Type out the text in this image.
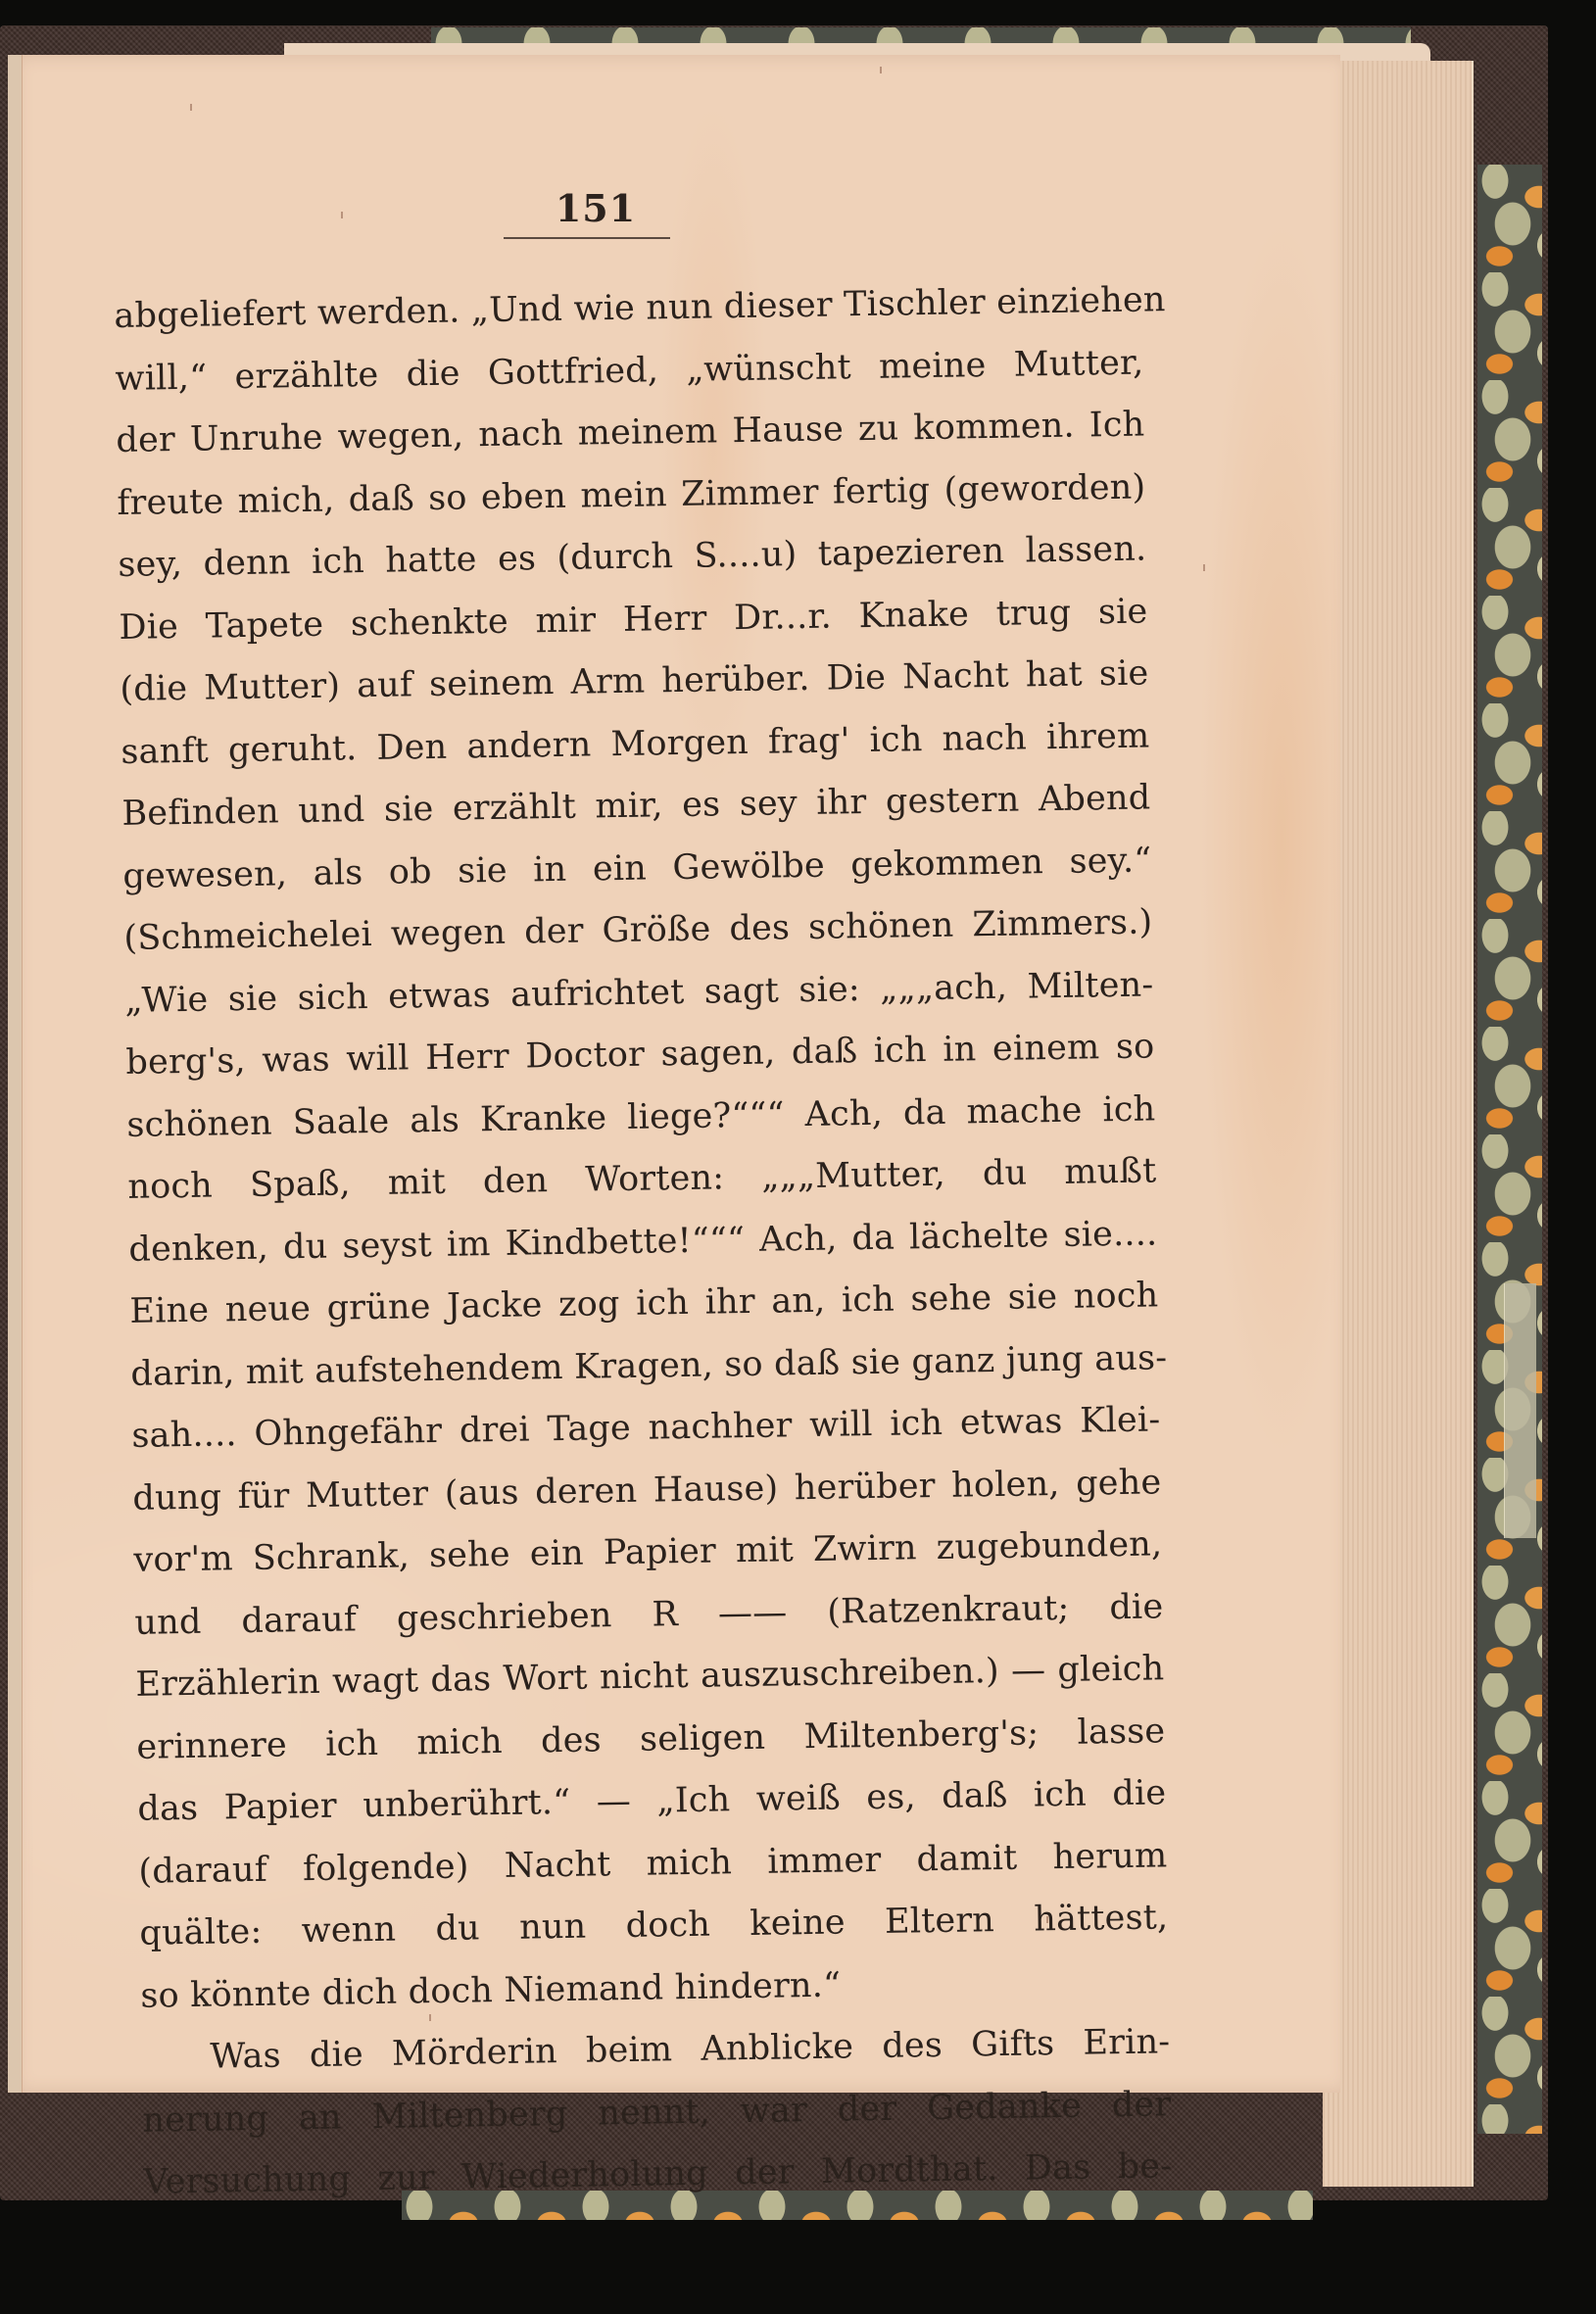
151
abgeliefert werden. „Und wie nun dieser Tischler einziehen
will,“ erzählte die Gottfried, „wünscht meine Mutter,
der Unruhe wegen, nach meinem Hause zu kommen. Ich
freute mich, daß so eben mein Zimmer fertig (geworden)
sey, denn ich hatte es (durch S....u) tapezieren lassen.
Die Tapete schenkte mir Herr Dr...r. Knake trug sie
(die Mutter) auf seinem Arm herüber. Die Nacht hat sie
sanft geruht. Den andern Morgen frag' ich nach ihrem
Befinden und sie erzählt mir, es sey ihr gestern Abend
gewesen, als ob sie in ein Gewölbe gekommen sey.“
(Schmeichelei wegen der Größe des schönen Zimmers.)
„Wie sie sich etwas aufrichtet sagt sie: „„„ach, Milten-
berg's, was will Herr Doctor sagen, daß ich in einem so
schönen Saale als Kranke liege?“““ Ach, da mache ich
noch Spaß, mit den Worten: „„„Mutter, du mußt
denken, du seyst im Kindbette!“““ Ach, da lächelte sie....
Eine neue grüne Jacke zog ich ihr an, ich sehe sie noch
darin, mit aufstehendem Kragen, so daß sie ganz jung aus-
sah.... Ohngefähr drei Tage nachher will ich etwas Klei-
dung für Mutter (aus deren Hause) herüber holen, gehe
vor'm Schrank, sehe ein Papier mit Zwirn zugebunden,
und darauf geschrieben R —— (Ratzenkraut; die
Erzählerin wagt das Wort nicht auszuschreiben.) — gleich
erinnere ich mich des seligen Miltenberg's; lasse
das Papier unberührt.“ — „Ich weiß es, daß ich die
(darauf folgende) Nacht mich immer damit herum
quälte: wenn du nun doch keine Eltern hättest,
so könnte dich doch Niemand hindern.“
Was die Mörderin beim Anblicke des Gifts Erin-
nerung an Miltenberg nennt, war der Gedanke der
Versuchung zur Wiederholung der Mordthat. Das be-
